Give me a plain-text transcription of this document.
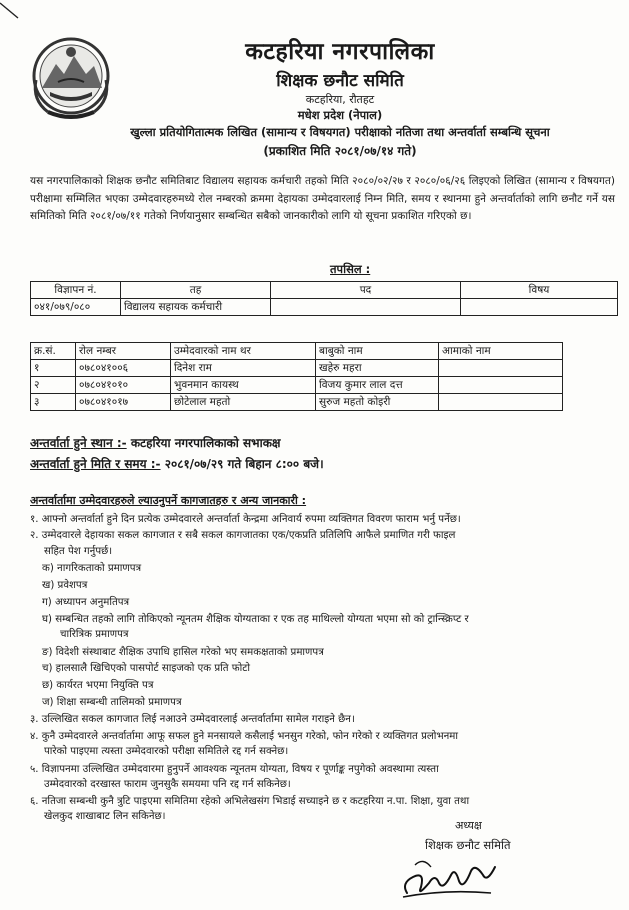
कटहरिया नगरपालिका
शिक्षक छनौट समिति
कटहरिया, रौतहट
मधेश प्रदेश (नेपाल)
खुल्ला प्रतियोगितात्मक लिखित (सामान्य र विषयगत) परीक्षाको नतिजा तथा अन्तर्वार्ता सम्बन्धि सूचना
(प्रकाशित मिति २०८१/०७/१४ गते)
यस नगरपालिकाको शिक्षक छनौट समितिबाट विद्यालय सहायक कर्मचारी तहको मिति २०८०/०२/२७ र २०८०/०६/२६ लिइएको लिखित (सामान्य र विषयगत) परीक्षामा सम्मिलित भएका उम्मेदवारहरुमध्ये रोल नम्बरको क्रममा देहायका उम्मेदवारलाई निम्न मिति, समय र स्थानमा हुने अन्तर्वार्ताको लागि छनौट गर्ने यस समितिको मिति २०८१/०७/११ गतेको निर्णयानुसार सम्बन्धित सबैको जानकारीको लागि यो सूचना प्रकाशित गरिएको छ।
तपसिल :
विज्ञापन नं.	तह	पद	विषय
०४१/०७९/०८०	विद्यालय सहायक कर्मचारी		
क्र.सं.	रोल नम्बर	उम्मेदवारको नाम थर	बाबुको नाम	आमाको नाम
१	०७८०४१००६	दिनेश राम	खहेरु महरा	
२	०७८०४१०१०	भुवनमान कायस्थ	विजय कुमार लाल दत्त	
३	०७८०४१०१७	छोटेलाल महतो	सुरुज महतो कोइरी	
अन्तर्वार्ता हुने स्थान :- कटहरिया नगरपालिकाको सभाकक्ष
अन्तर्वार्ता हुने मिति र समय :- २०८१/०७/२९ गते बिहान ८:०० बजे।
अन्तर्वार्तामा उम्मेदवारहरुले ल्याउनुपर्ने कागजातहरु र अन्य जानकारी :
१. आफ्नो अन्तर्वार्ता हुने दिन प्रत्येक उम्मेदवारले अन्तर्वार्ता केन्द्रमा अनिवार्य रुपमा व्यक्तिगत विवरण फाराम भर्नु पर्नेछ।
२. उम्मेदवारले देहायका सकल कागजात र सबै सकल कागजातका एक/एकप्रति प्रतिलिपि आफैले प्रमाणित गरी फाइल
सहित पेश गर्नुपर्छ।
क) नागरिकताको प्रमाणपत्र
ख) प्रवेशपत्र
ग) अध्यापन अनुमतिपत्र
घ) सम्बन्धित तहको लागि तोकिएको न्यूनतम शैक्षिक योग्यताका र एक तह माथिल्लो योग्यता भएमा सो को ट्रान्स्क्रिप्ट र
चारित्रिक प्रमाणपत्र
ङ) विदेशी संस्थाबाट शैक्षिक उपाधि हासिल गरेको भए समकक्षताको प्रमाणपत्र
च) हालसालै खिचिएको पासपोर्ट साइजको एक प्रति फोटो
छ) कार्यरत भएमा नियुक्ति पत्र
ज) शिक्षा सम्बन्धी तालिमको प्रमाणपत्र
३. उल्लिखित सकल कागजात लिई नआउने उम्मेदवारलाई अन्तर्वार्तामा सामेल गराइने छैन।
४. कुनै उम्मेदवारले अन्तर्वार्तामा आफू सफल हुने मनसायले कसैलाई भनसुन गरेको, फोन गरेको र व्यक्तिगत प्रलोभनमा
पारेको पाइएमा त्यस्ता उम्मेदवारको परीक्षा समितिले रद्द गर्न सक्नेछ।
५. विज्ञापनमा उल्लिखित उम्मेदवारमा हुनुपर्ने आवश्यक न्यूनतम योग्यता, विषय र पूर्णाङ्क नपुगेको अवस्थामा त्यस्ता
उम्मेदवारको दरखास्त फाराम जुनसुकै समयमा पनि रद्द गर्न सकिनेछ।
६. नतिजा सम्बन्धी कुनै त्रुटि पाइएमा समितिमा रहेको अभिलेखसंग भिडाई सच्याइने छ र कटहरिया न.पा. शिक्षा, युवा तथा
खेलकुद शाखाबाट लिन सकिनेछ।
अध्यक्ष
शिक्षक छनौट समिति
